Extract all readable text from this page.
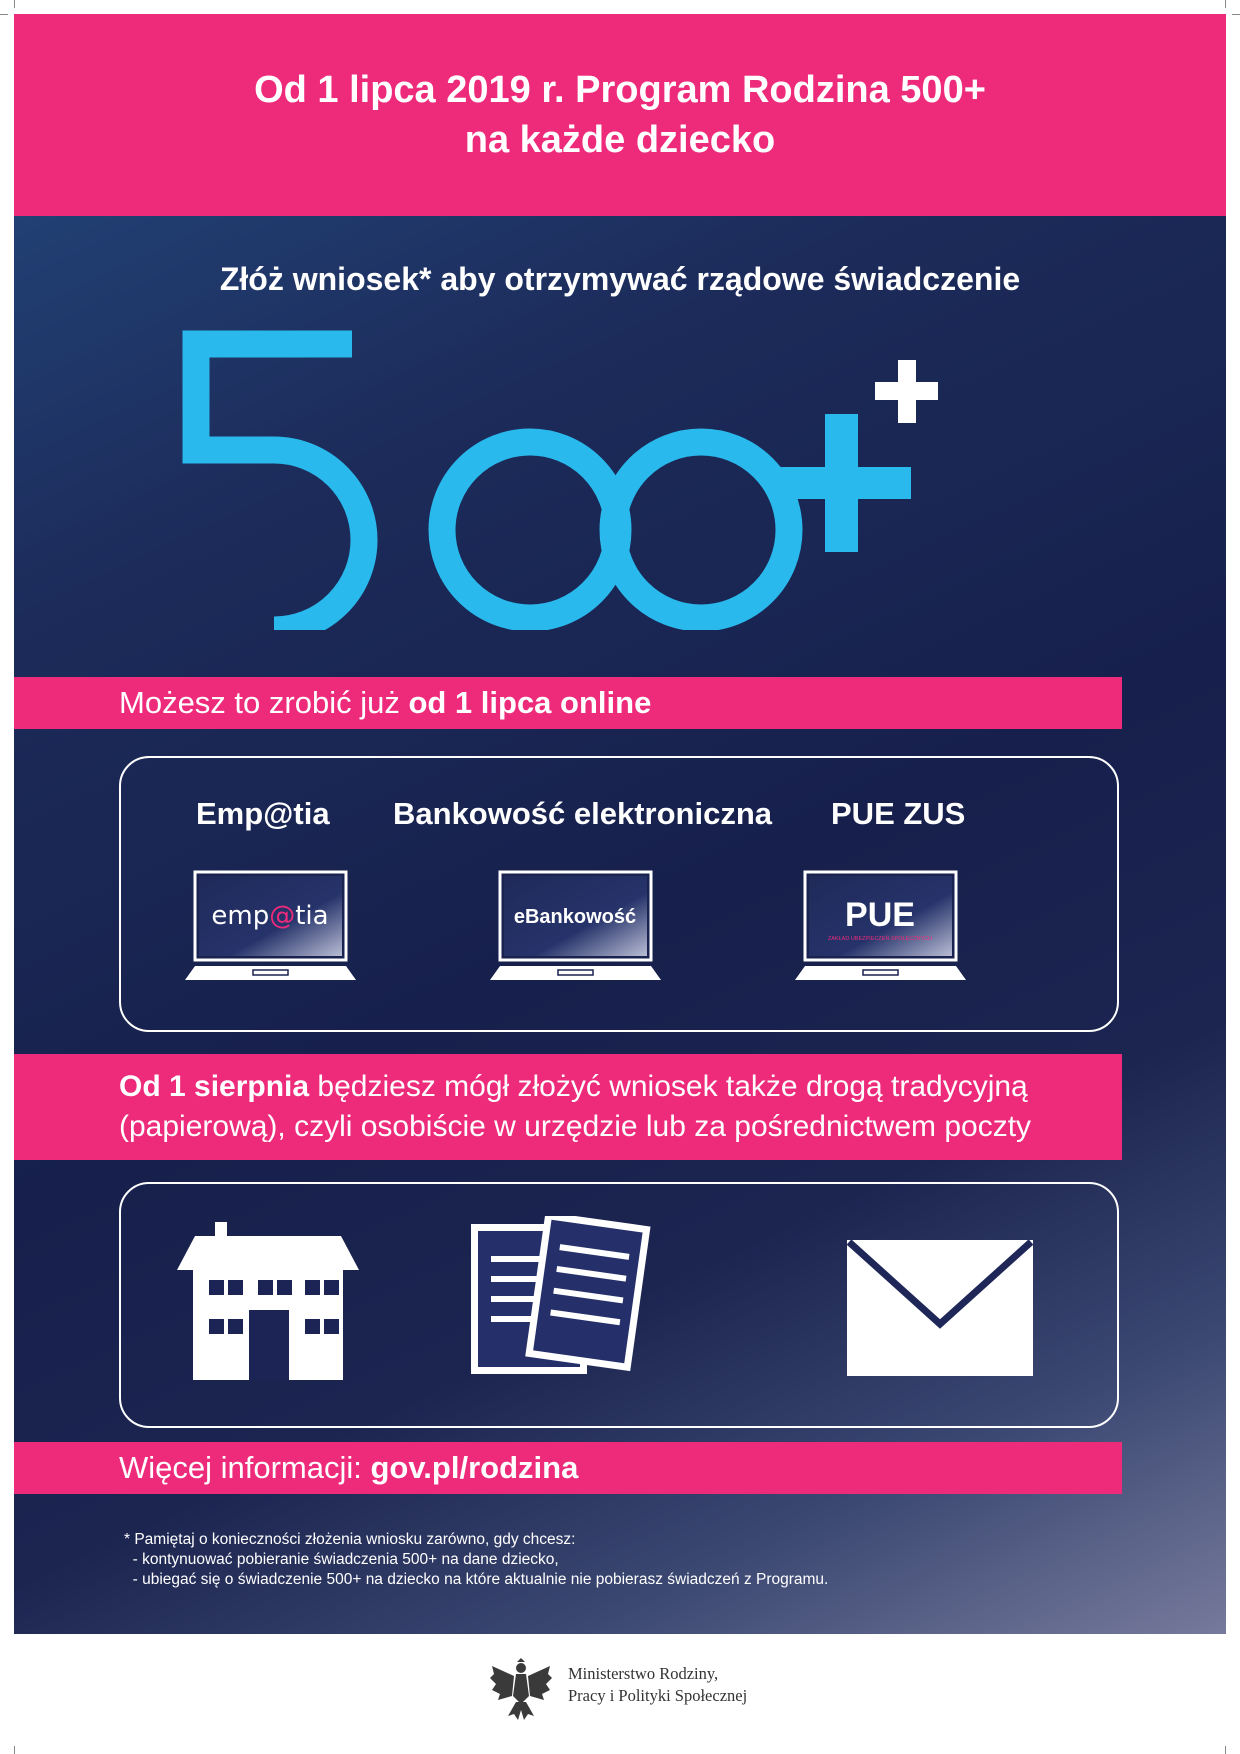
Od 1 lipca 2019 r. Program Rodzina 500+
na każde dziecko
Złóż wniosek* aby otrzymywać rządowe świadczenie
Możesz to zrobić już od 1 lipca online
Emp@tia Bankowość elektroniczna PUE ZUS
emp@tia	eBankowość	PUE
ZAKŁAD UBEZPIECZEŃ SPOŁECZNYCH
Od 1 sierpnia będziesz mógł złożyć wniosek także drogą tradycyjną
(papierową), czyli osobiście w urzędzie lub za pośrednictwem poczty
Więcej informacji: gov.pl/rodzina
* Pamiętaj o konieczności złożenia wniosku zarówno, gdy chcesz:
- kontynuować pobieranie świadczenia 500+ na dane dziecko,
- ubiegać się o świadczenie 500+ na dziecko na które aktualnie nie pobierasz świadczeń z Programu.
Ministerstwo Rodziny,
Pracy i Polityki Społecznej
